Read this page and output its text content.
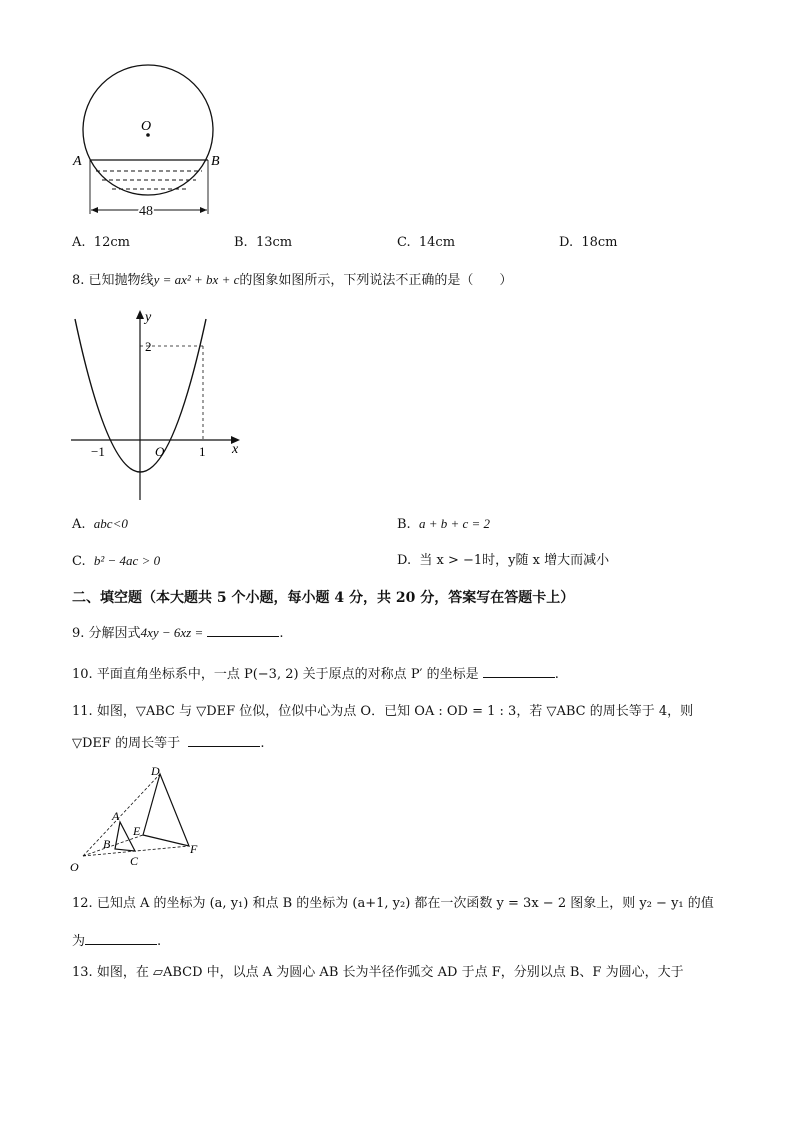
O
A	B
48
A. 12cm	B. 13cm	C. 14cm	D. 18cm
8. 已知抛物线y = ax² + bx + c的图象如图所示，下列说法不正确的是（　　）
y
x
2
−1	O	1
A. abc<0	B. a + b + c = 2
C. b² − 4ac > 0	D. 当 x > −1时，y随 x 增大而减小
二、填空题（本大题共 5 个小题，每小题 4 分，共 20 分，答案写在答题卡上）
9. 分解因式4xy − 6xz =	.
10. 平面直角坐标系中，一点 P(−3, 2) 关于原点的对称点 P′ 的坐标是	.
11. 如图，▽ABC 与 ▽DEF 位似，位似中心为点 O．已知 OA : OD = 1 : 3，若 ▽ABC 的周长等于 4，则
▽DEF 的周长等于	.
D
A
E
B	F
O	C
12. 已知点 A 的坐标为 (a, y₁) 和点 B 的坐标为 (a+1, y₂) 都在一次函数 y = 3x − 2 图象上，则 y₂ − y₁ 的值
为	.
13. 如图，在 ▱ABCD 中，以点 A 为圆心 AB 长为半径作弧交 AD 于点 F，分别以点 B、F 为圆心，大于
